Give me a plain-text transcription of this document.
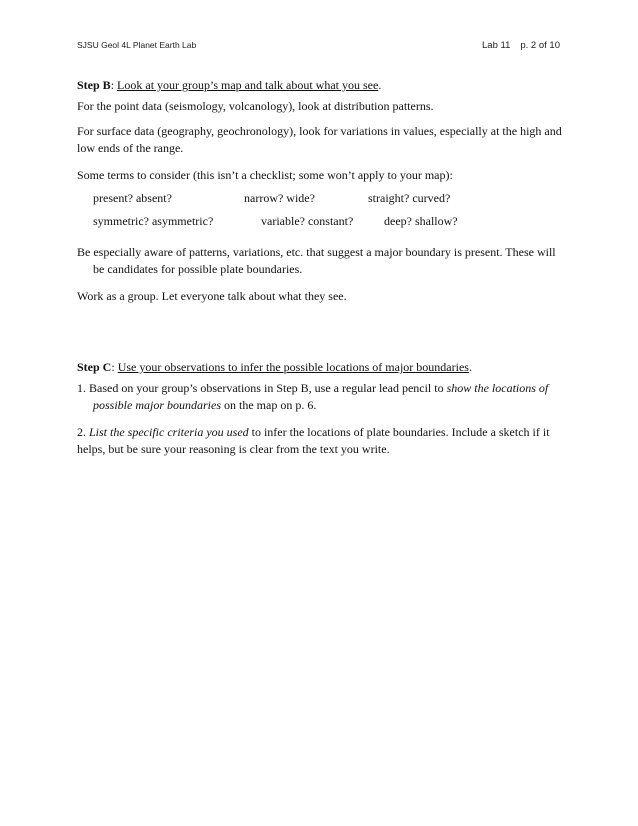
SJSU Geol 4L Planet Earth Lab	Lab 11 p. 2 of 10

Step B: Look at your group’s map and talk about what you see.

For the point data (seismology, volcanology), look at distribution patterns.

For surface data (geography, geochronology), look for variations in values, especially at the high and low ends of the range.

Some terms to consider (this isn’t a checklist; some won’t apply to your map):

present? absent?	narrow? wide?	straight? curved?
symmetric? asymmetric?	variable? constant?	deep? shallow?

Be especially aware of patterns, variations, etc. that suggest a major boundary is present. These will be candidates for possible plate boundaries.

Work as a group. Let everyone talk about what they see.

Step C: Use your observations to infer the possible locations of major boundaries.

1. Based on your group’s observations in Step B, use a regular lead pencil to show the locations of possible major boundaries on the map on p. 6.

2. List the specific criteria you used to infer the locations of plate boundaries. Include a sketch if it helps, but be sure your reasoning is clear from the text you write.
